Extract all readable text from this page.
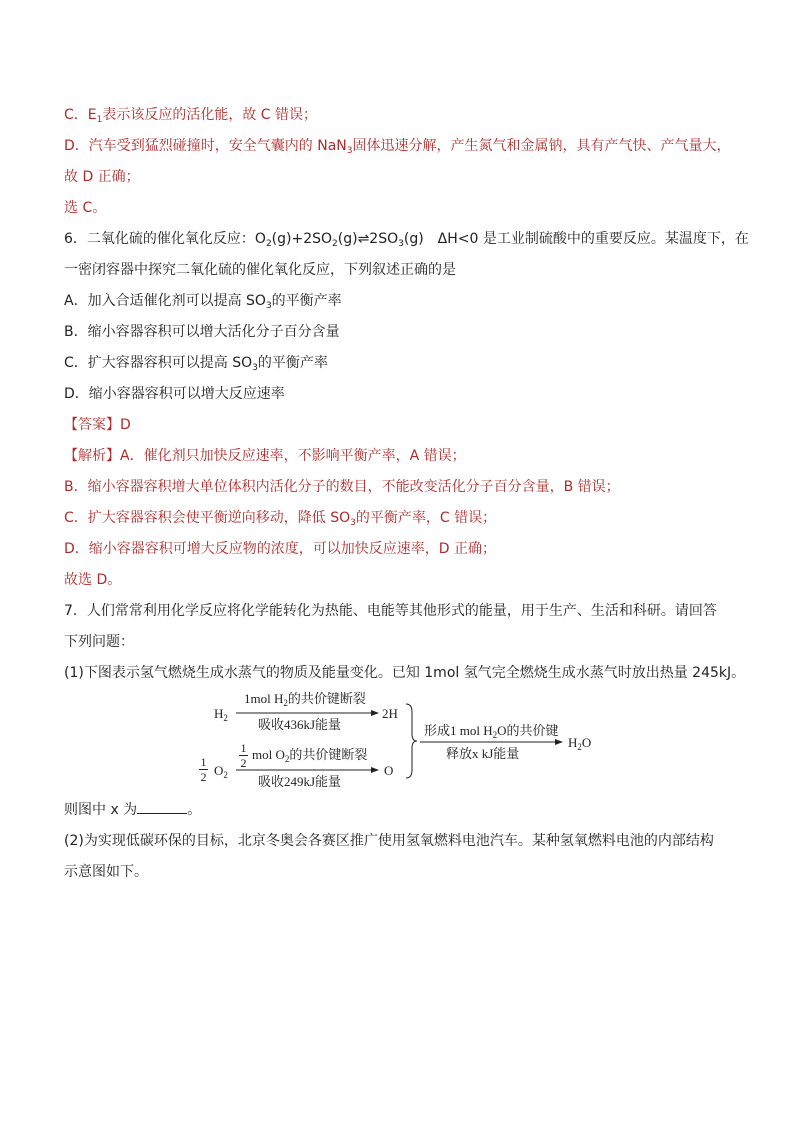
C．$E_1$表示该反应的活化能，故 C 错误；
D．汽车受到猛烈碰撞时，安全气囊内的 NaN$_3$固体迅速分解，产生氮气和金属钠，具有产气快、产气量大，
故 D 正确；
选 C。
6．二氧化硫的催化氧化反应：$O_2(g)+2SO_2(g)\rightleftharpoons 2SO_3(g)$　ΔH<0 是工业制硫酸中的重要反应。某温度下，在
一密闭容器中探究二氧化硫的催化氧化反应，下列叙述正确的是
A．加入合适催化剂可以提高 $SO_3$的平衡产率
B．缩小容器容积可以增大活化分子百分含量
C．扩大容器容积可以提高 $SO_3$的平衡产率
D．缩小容器容积可以增大反应速率
【答案】D
【解析】A．催化剂只加快反应速率，不影响平衡产率，A 错误；
B．缩小容器容积增大单位体积内活化分子的数目，不能改变活化分子百分含量，B 错误；
C．扩大容器容积会使平衡逆向移动，降低 $SO_3$的平衡产率，C 错误；
D．缩小容器容积可增大反应物的浓度，可以加快反应速率，D 正确；
故选 D。
7．人们常常利用化学反应将化学能转化为热能、电能等其他形式的能量，用于生产、生活和科研。请回答
下列问题：
(1)下图表示氢气燃烧生成水蒸气的物质及能量变化。已知 1mol 氢气完全燃烧生成水蒸气时放出热量 245kJ。
$H_2$
1mol $H_2$的共价键断裂
吸收436kJ能量
2H
1
2 $O_2$
1
2
mol $O_2$的共价键断裂
吸收249kJ能量
O
形成1 mol $H_2O$的共价键
释放x kJ能量
$H_2O$
则图中 x 为	。
(2)为实现低碳环保的目标，北京冬奥会各赛区推广使用氢氧燃料电池汽车。某种氢氧燃料电池的内部结构
示意图如下。
